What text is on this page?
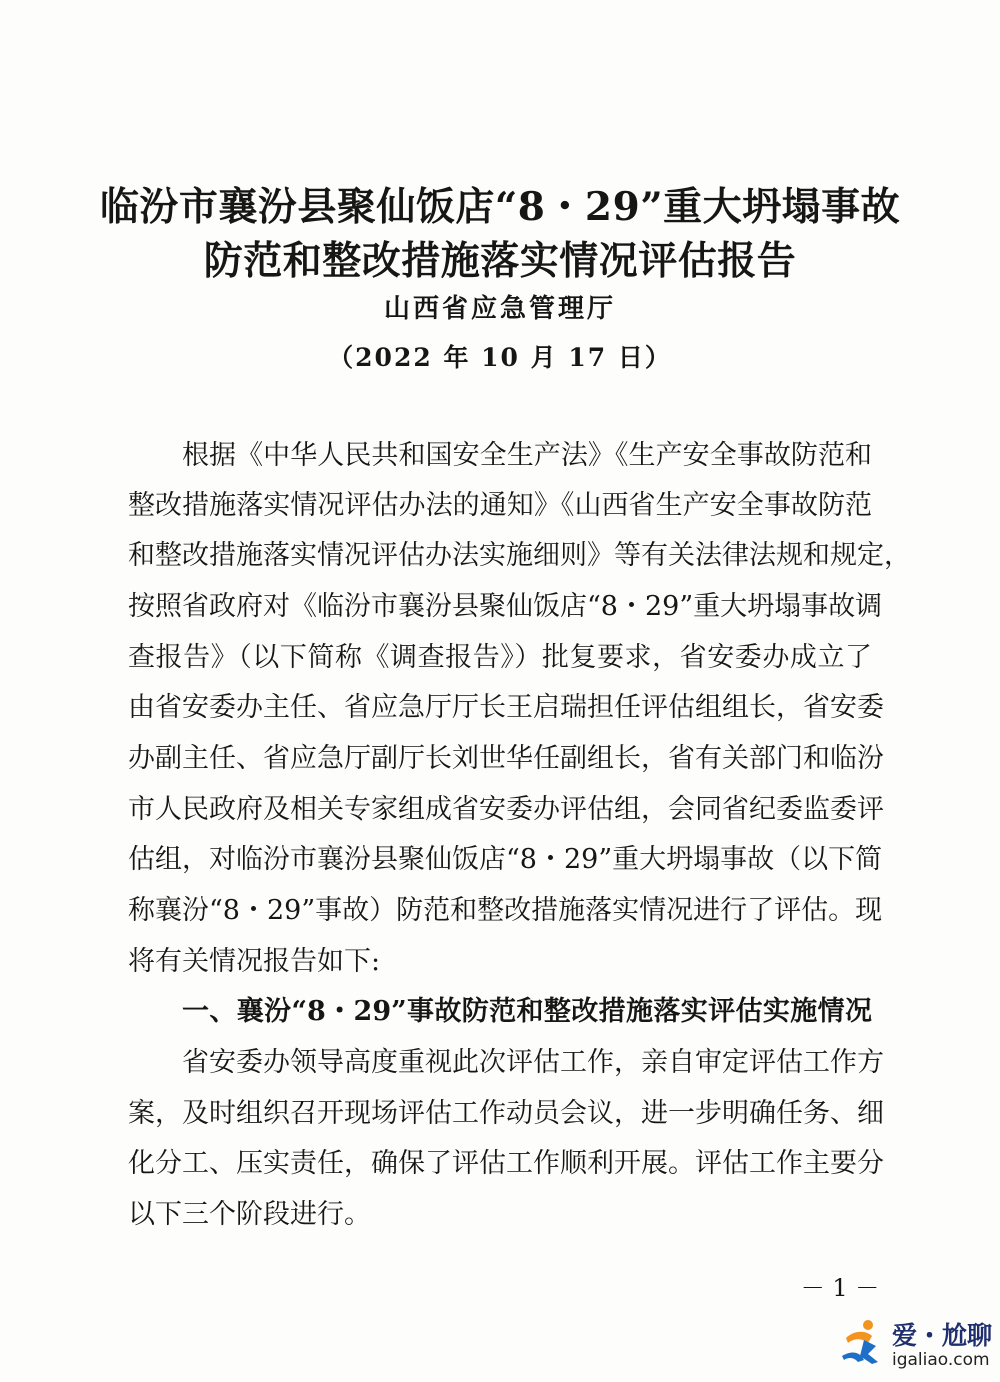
临汾市襄汾县聚仙饭店“8・29”重大坍塌事故
防范和整改措施落实情况评估报告
山西省应急管理厅
（2022 年 10 月 17 日）
根据《中华人民共和国安全生产法》《生产安全事故防范和
整改措施落实情况评估办法的通知》《山西省生产安全事故防范
和整改措施落实情况评估办法实施细则》等有关法律法规和规定，
按照省政府对《临汾市襄汾县聚仙饭店“8・29”重大坍塌事故调
查报告》（以下简称《调查报告》）批复要求，省安委办成立了
由省安委办主任、省应急厅厅长王启瑞担任评估组组长，省安委
办副主任、省应急厅副厅长刘世华任副组长，省有关部门和临汾
市人民政府及相关专家组成省安委办评估组，会同省纪委监委评
估组，对临汾市襄汾县聚仙饭店“8・29”重大坍塌事故（以下简
称襄汾“8・29”事故）防范和整改措施落实情况进行了评估。现
将有关情况报告如下:
一、襄汾“8・29”事故防范和整改措施落实评估实施情况
省安委办领导高度重视此次评估工作，亲自审定评估工作方
案，及时组织召开现场评估工作动员会议，进一步明确任务、细
化分工、压实责任，确保了评估工作顺利开展。评估工作主要分
以下三个阶段进行。
－ 1 －
爱・尬聊
igaliao.com
